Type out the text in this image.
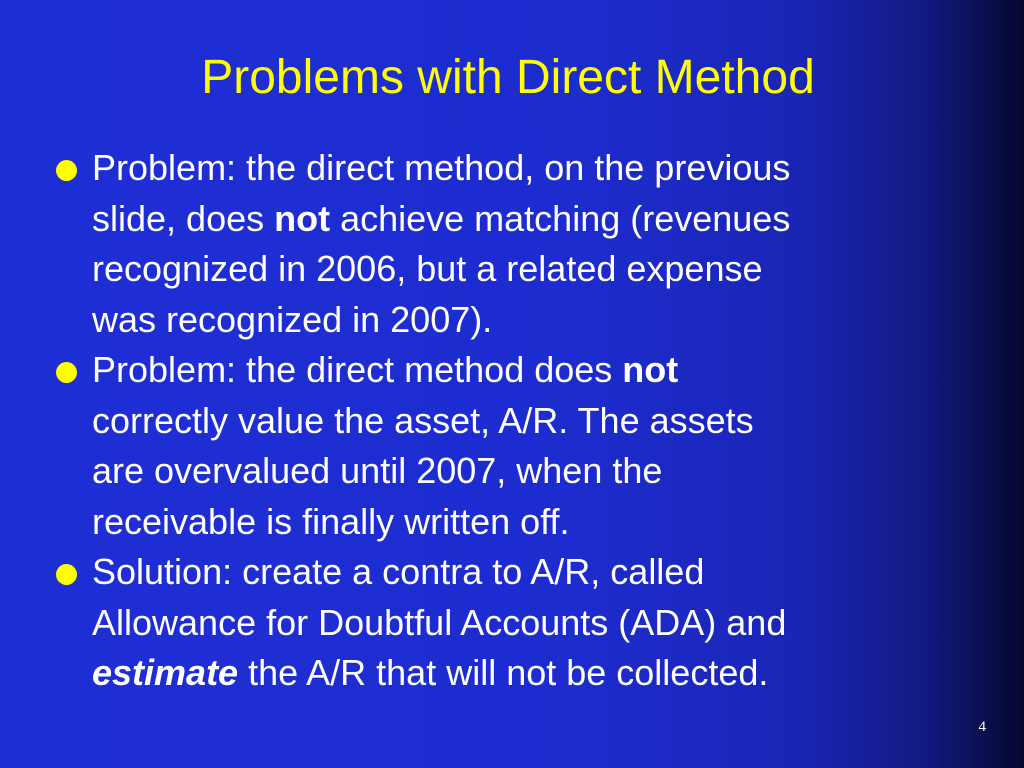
Problems with Direct Method
Problem: the direct method, on the previous
slide, does not achieve matching (revenues
recognized in 2006, but a related expense
was recognized in 2007).
Problem: the direct method does not
correctly value the asset, A/R. The assets
are overvalued until 2007, when the
receivable is finally written off.
Solution: create a contra to A/R, called
Allowance for Doubtful Accounts (ADA) and
estimate the A/R that will not be collected.
4
